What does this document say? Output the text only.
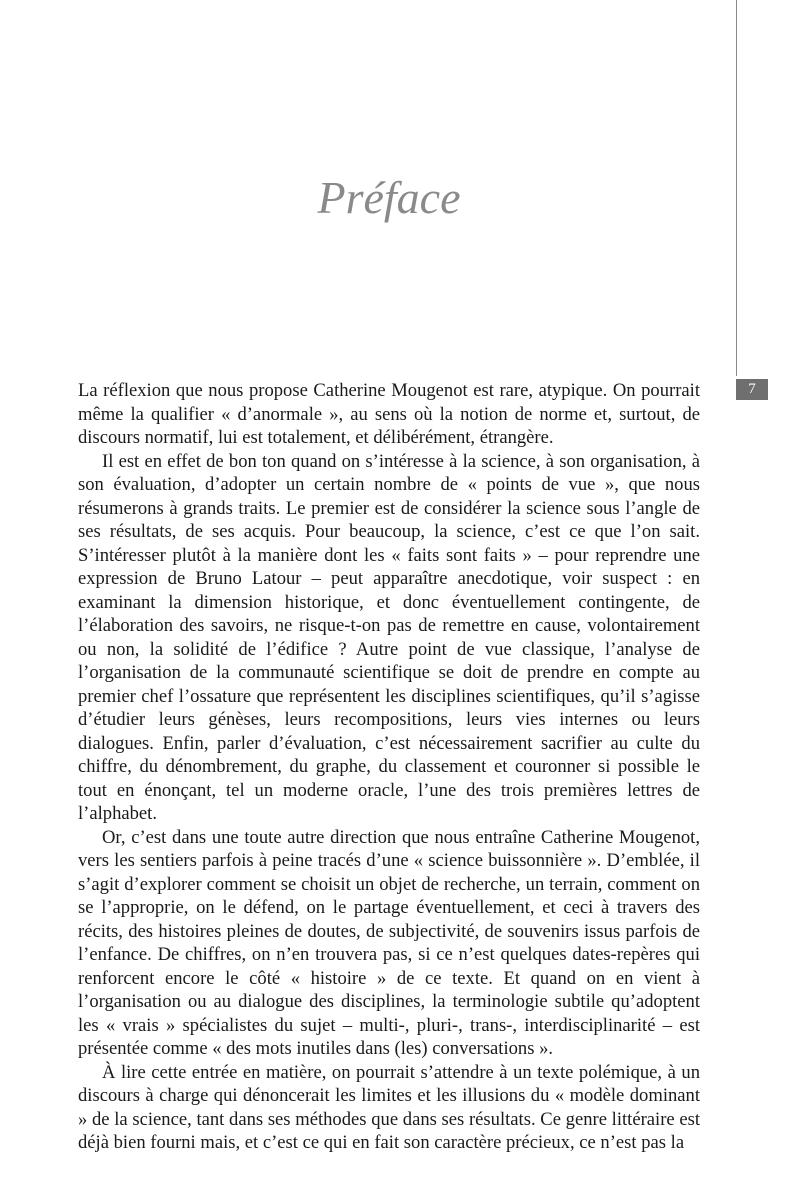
7
Préface

La réflexion que nous propose Catherine Mougenot est rare, atypique. On pourrait même la qualifier « d’anormale », au sens où la notion de norme et, surtout, de discours normatif, lui est totalement, et délibérément, étrangère.

Il est en effet de bon ton quand on s’intéresse à la science, à son organisation, à son évaluation, d’adopter un certain nombre de « points de vue », que nous résumerons à grands traits. Le premier est de considérer la science sous l’angle de ses résultats, de ses acquis. Pour beaucoup, la science, c’est ce que l’on sait. S’intéresser plutôt à la manière dont les « faits sont faits » – pour reprendre une expression de Bruno Latour – peut apparaître anecdotique, voir suspect : en examinant la dimension historique, et donc éventuellement contingente, de l’élaboration des savoirs, ne risque-t-on pas de remettre en cause, volontairement ou non, la solidité de l’édifice ? Autre point de vue classique, l’analyse de l’organisation de la communauté scientifique se doit de prendre en compte au premier chef l’ossature que représentent les disciplines scientifiques, qu’il s’agisse d’étudier leurs génèses, leurs recompositions, leurs vies internes ou leurs dialogues. Enfin, parler d’évaluation, c’est nécessairement sacrifier au culte du chiffre, du dénombrement, du graphe, du classement et couronner si possible le tout en énonçant, tel un moderne oracle, l’une des trois premières lettres de l’alphabet.

Or, c’est dans une toute autre direction que nous entraîne Catherine Mougenot, vers les sentiers parfois à peine tracés d’une « science buissonnière ». D’emblée, il s’agit d’explorer comment se choisit un objet de recherche, un terrain, comment on se l’approprie, on le défend, on le partage éventuellement, et ceci à travers des récits, des histoires pleines de doutes, de subjectivité, de souvenirs issus parfois de l’enfance. De chiffres, on n’en trouvera pas, si ce n’est quelques dates-repères qui renforcent encore le côté « histoire » de ce texte. Et quand on en vient à l’organisation ou au dialogue des disciplines, la terminologie subtile qu’adoptent les « vrais » spécialistes du sujet – multi-, pluri-, trans-, interdisciplinarité – est présentée comme « des mots inutiles dans (les) conversations ».

À lire cette entrée en matière, on pourrait s’attendre à un texte polémique, à un discours à charge qui dénoncerait les limites et les illusions du « modèle dominant » de la science, tant dans ses méthodes que dans ses résultats. Ce genre littéraire est déjà bien fourni mais, et c’est ce qui en fait son caractère précieux, ce n’est pas la
